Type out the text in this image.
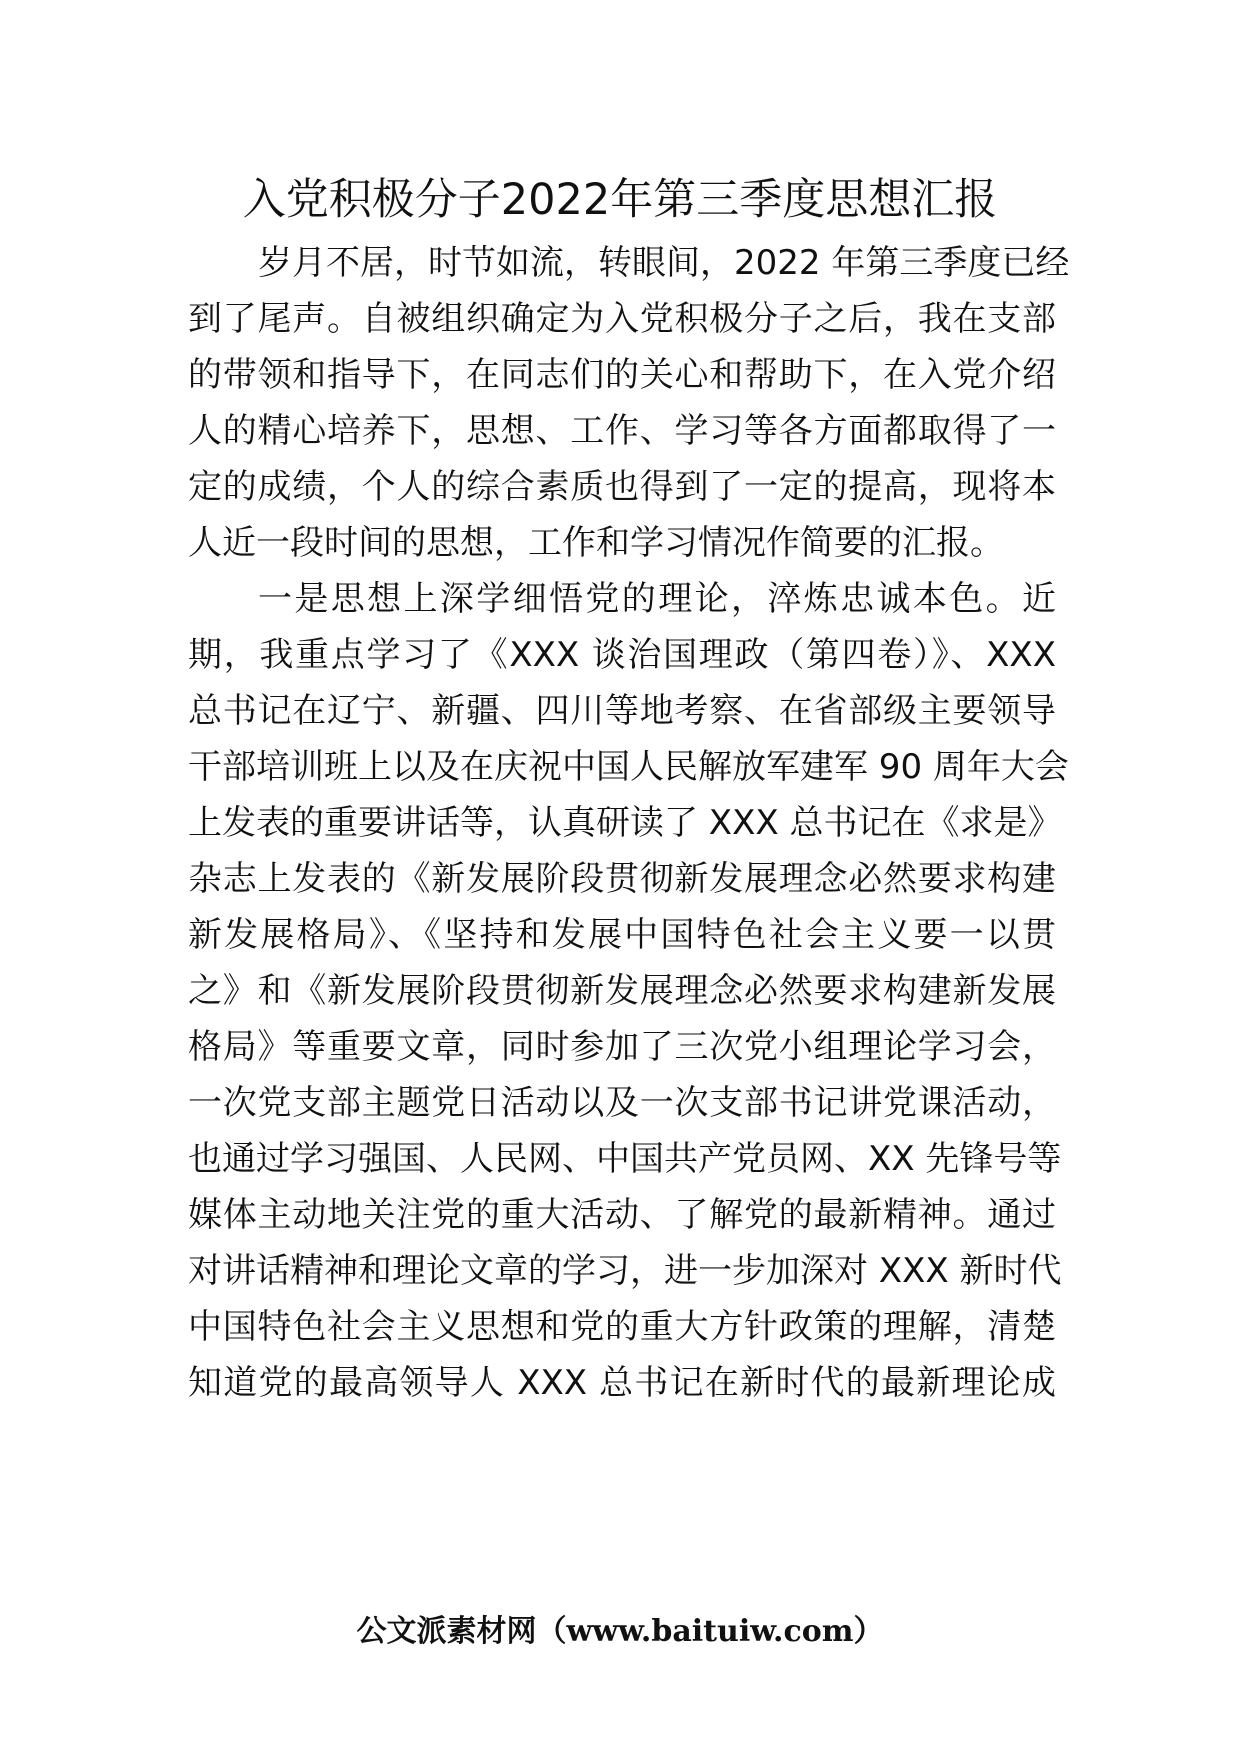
入党积极分子2022年第三季度思想汇报
岁月不居，时节如流，转眼间，2022 年第三季度已经
到了尾声。自被组织确定为入党积极分子之后，我在支部
的带领和指导下，在同志们的关心和帮助下，在入党介绍
人的精心培养下，思想、工作、学习等各方面都取得了一
定的成绩，个人的综合素质也得到了一定的提高，现将本
人近一段时间的思想，工作和学习情况作简要的汇报。
一是思想上深学细悟党的理论，淬炼忠诚本色。近
期，我重点学习了《XXX 谈治国理政（第四卷）》、XXX
总书记在辽宁、新疆、四川等地考察、在省部级主要领导
干部培训班上以及在庆祝中国人民解放军建军 90 周年大会
上发表的重要讲话等，认真研读了 XXX 总书记在《求是》
杂志上发表的《新发展阶段贯彻新发展理念必然要求构建
新发展格局》、《坚持和发展中国特色社会主义要一以贯
之》和《新发展阶段贯彻新发展理念必然要求构建新发展
格局》等重要文章，同时参加了三次党小组理论学习会，
一次党支部主题党日活动以及一次支部书记讲党课活动，
也通过学习强国、人民网、中国共产党员网、XX 先锋号等
媒体主动地关注党的重大活动、了解党的最新精神。通过
对讲话精神和理论文章的学习，进一步加深对 XXX 新时代
中国特色社会主义思想和党的重大方针政策的理解，清楚
知道党的最高领导人 XXX 总书记在新时代的最新理论成
公文派素材网（www.baituiw.com）
